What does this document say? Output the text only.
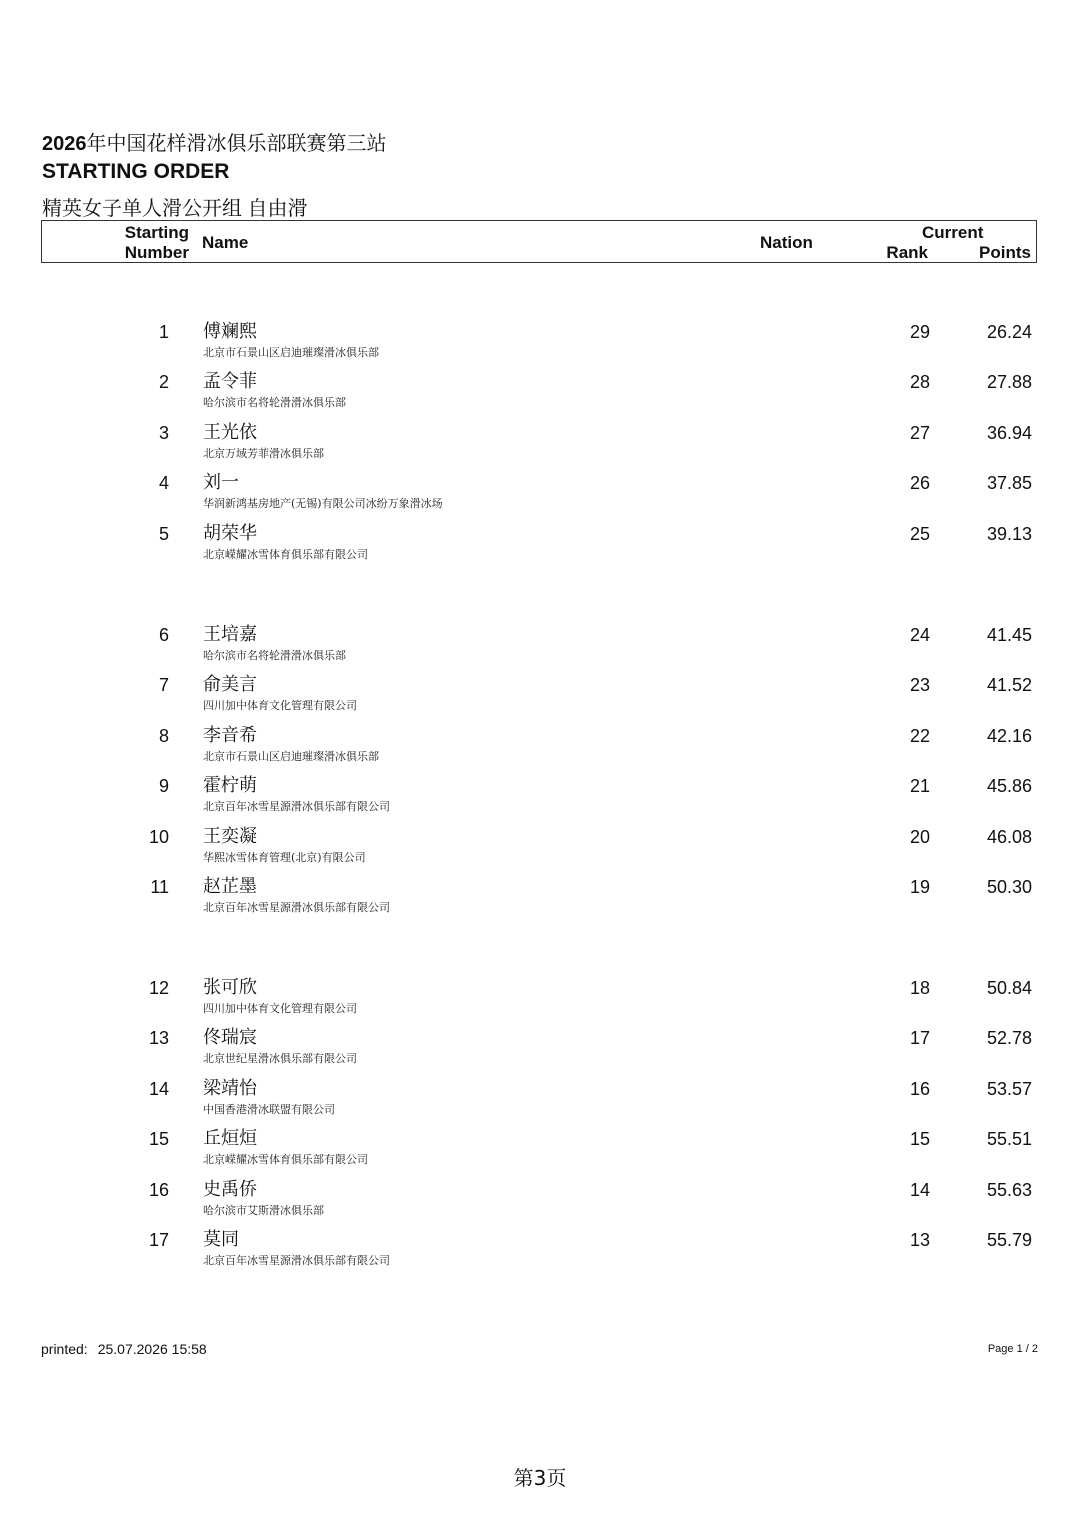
2026年中国花样滑冰俱乐部联赛第三站
STARTING ORDER
精英女子单人滑公开组 自由滑
Starting
Number
Name	Nation
Current
Rank	Points
1 傅斓熙
北京市石景山区启迪璀璨滑冰俱乐部
29	26.24
2 孟令菲
哈尔滨市名将轮滑滑冰俱乐部
28	27.88
3 王光依
北京万域芳菲滑冰俱乐部
27	36.94
4 刘一
华润新鸿基房地产(无锡)有限公司冰纷万象滑冰场
26	37.85
5 胡荣华
北京嵘耀冰雪体育俱乐部有限公司
25	39.13
6 王培嘉
哈尔滨市名将轮滑滑冰俱乐部
24	41.45
7 俞美言
四川加中体育文化管理有限公司
23	41.52
8 李音希
北京市石景山区启迪璀璨滑冰俱乐部
22	42.16
9 霍柠萌
北京百年冰雪星源滑冰俱乐部有限公司
21	45.86
10 王奕凝
华熙冰雪体育管理(北京)有限公司
20	46.08
11 赵芷墨
北京百年冰雪星源滑冰俱乐部有限公司
19	50.30
12 张可欣
四川加中体育文化管理有限公司
18	50.84
13 佟瑞宸
北京世纪星滑冰俱乐部有限公司
17	52.78
14 梁靖怡
中国香港滑冰联盟有限公司
16	53.57
15 丘烜烜
北京嵘耀冰雪体育俱乐部有限公司
15	55.51
16 史禹侨
哈尔滨市艾斯滑冰俱乐部
14	55.63
17 莫同
北京百年冰雪星源滑冰俱乐部有限公司
13	55.79
printed: 25.07.2026 15:58	Page 1 / 2
第3页
